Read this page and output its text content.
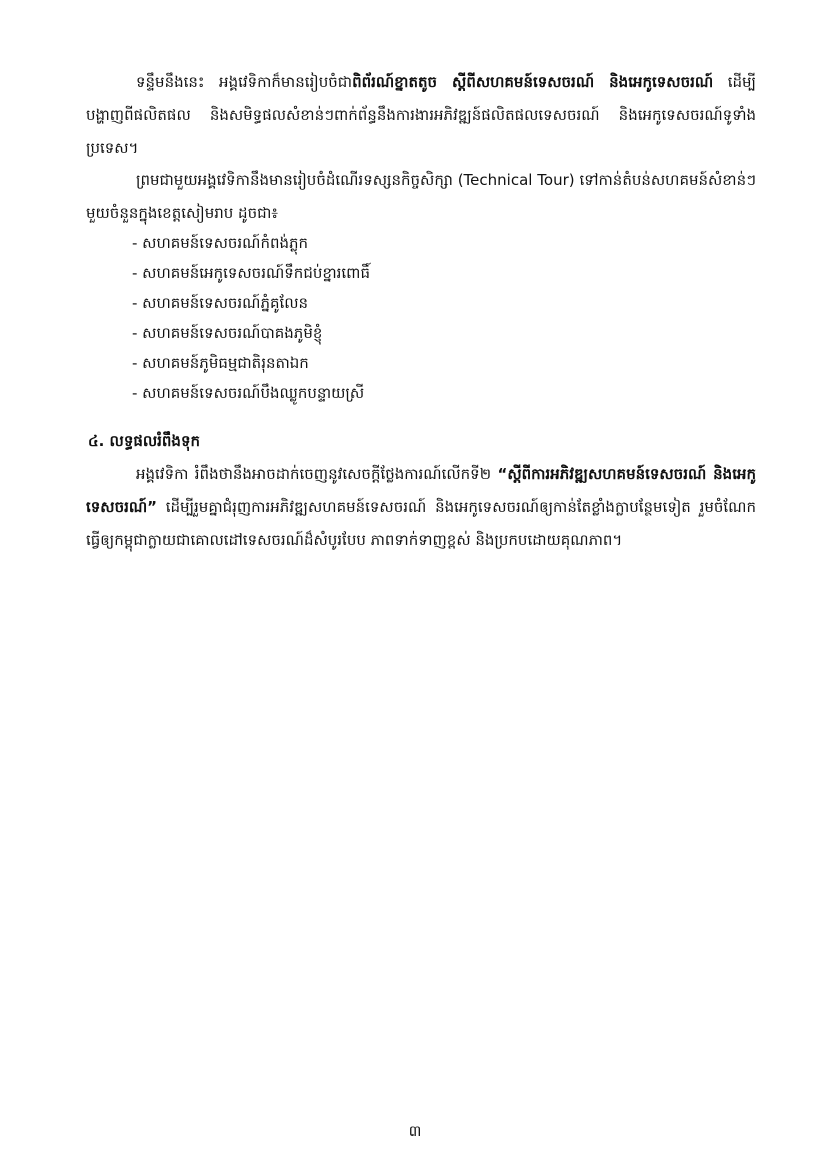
ទន្ទឹមនឹងនេះ អង្គវេទិកាក៏មានរៀបចំជាពិព័រណ៍ខ្នាតតូច ស្តីពីសហគមន៍ទេសចរណ៍ និងអេកូទេសចរណ៍ ដើម្បីបង្ហាញពីផលិតផល និងសមិទ្ធផលសំខាន់ៗពាក់ព័ន្ធនឹងការងារអភិវឌ្ឍន៍ផលិតផលទេសចរណ៍ និងអេកូទេសចរណ៍ទូទាំងប្រទេស។
ព្រមជាមួយអង្គវេទិកានឹងមានរៀបចំដំណើរទស្សនកិច្ចសិក្សា (Technical Tour) ទៅកាន់តំបន់សហគមន៍សំខាន់ៗមួយចំនួនក្នុងខេត្តសៀមរាប ដូចជា៖
- សហគមន៍ទេសចរណ៍កំពង់ភ្លុក
- សហគមន៍អេកូទេសចរណ៍ទឹកជប់ខ្នារពោធិ៍
- សហគមន៍ទេសចរណ៍ភ្នំគូលែន
- សហគមន៍ទេសចរណ៍បាគងភូមិខ្ញុំ
- សហគមន៍ភូមិធម្មជាតិរុនតាឯក
- សហគមន៍ទេសចរណ៍បឹងឈ្លូកបន្ទាយស្រី
៤. លទ្ធផលរំពឹងទុក
អង្គវេទិកា រំពឹងថានឹងអាចដាក់ចេញនូវសេចក្តីថ្លែងការណ៍លើកទី២ “ស្តីពីការអភិវឌ្ឍសហគមន៍ទេសចរណ៍ និងអេកូទេសចរណ៍” ដើម្បីរួមគ្នាជំរុញការអភិវឌ្ឍសហគមន៍ទេសចរណ៍ និងអេកូទេសចរណ៍ឲ្យកាន់តែខ្លាំងក្លាបន្ថែមទៀត រួមចំណែកធ្វើឲ្យកម្ពុជាក្លាយជាគោលដៅទេសចរណ៍ដ៏សំបូរបែប ភាពទាក់ទាញខ្ពស់ និងប្រកបដោយគុណភាព។
៣
